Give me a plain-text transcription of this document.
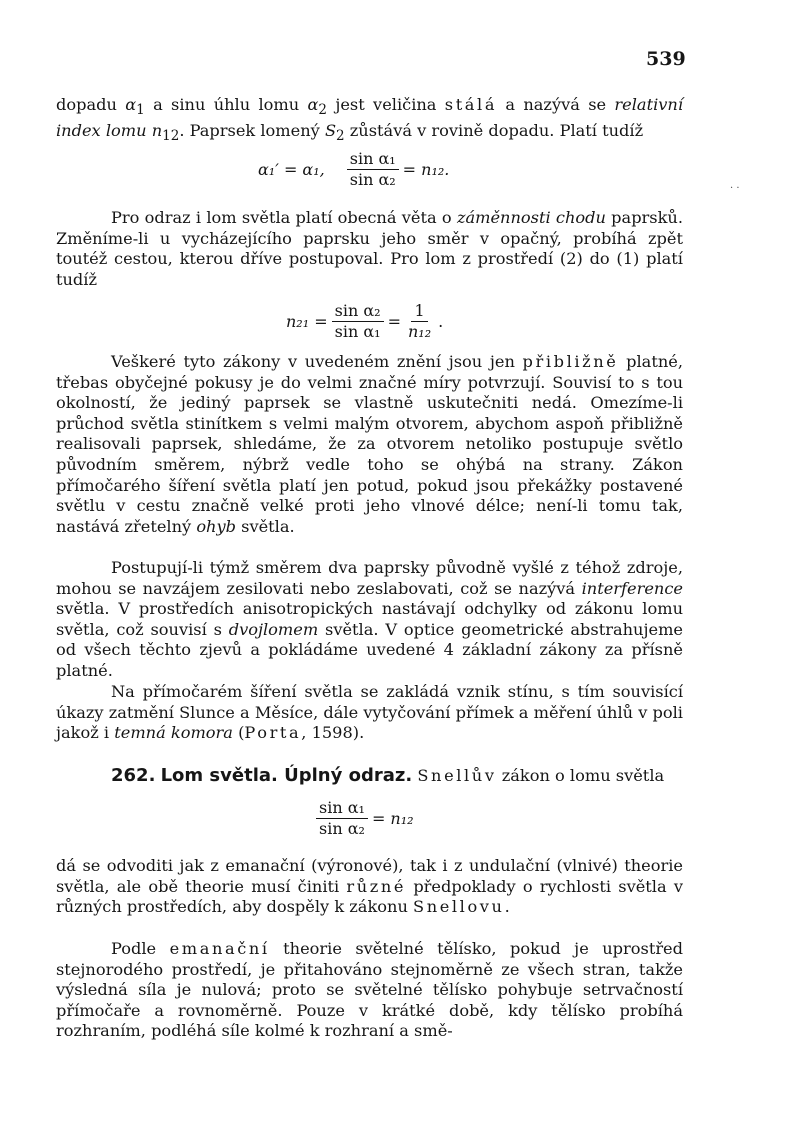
539

dopadu $\alpha_1$ a sinu úhlu lomu $\alpha_2$ jest veličina stálá a nazývá se relativní index lomu $n_{12}$. Paprsek lomený $S_2$ zůstává v rovině dopadu. Platí tudíž

α₁′ = α₁, $\frac{\text{sin α₁}}{\text{sin α₂}} = n_{12}$.
· ·

Pro odraz i lom světla platí obecná věta o záměnnosti chodu paprsků. Změníme-li u vycházejícího paprsku jeho směr v opačný, probíhá zpět toutéž cestou, kterou dříve postupoval. Pro lom z prostředí (2) do (1) platí tudíž

$n_{21} = \frac{\text{sin α₂}}{\text{sin α₁}} = \frac{1}{\text{n₁₂}}$ .

Veškeré tyto zákony v uvedeném znění jsou jen přibližně platné, třebas obyčejné pokusy je do velmi značné míry potvrzují. Souvisí to s tou okolností, že jediný paprsek se vlastně uskutečniti nedá. Omezíme-li průchod světla stinítkem s velmi malým otvorem, abychom aspoň přibližně realisovali paprsek, shledáme, že za otvorem netoliko postupuje světlo původním směrem, nýbrž vedle toho se ohýbá na strany. Zákon přímočarého šíření světla platí jen potud, pokud jsou překážky postavené světlu v cestu značně velké proti jeho vlnové délce; není-li tomu tak, nastává zřetelný ohyb světla.

Postupují-li týmž směrem dva paprsky původně vyšlé z téhož zdroje, mohou se navzájem zesilovati nebo zeslabovati, což se nazývá interference světla. V prostředích anisotropických nastávají odchylky od zákonu lomu světla, což souvisí s dvojlomem světla. V optice geometrické abstrahujeme od všech těchto zjevů a pokládáme uvedené 4 základní zákony za přísně platné.

Na přímočarém šíření světla se zakládá vznik stínu, s tím souvisící úkazy zatmění Slunce a Měsíce, dále vytyčování přímek a měření úhlů v poli jakož i temná komora (Porta, 1598).

262. Lom světla. Úplný odraz. Snellův zákon o lomu světla

$\frac{\text{sin α₁}}{\text{sin α₂}} = n_{12}$

dá se odvoditi jak z emanační (výronové), tak i z undulační (vlnivé) theorie světla, ale obě theorie musí činiti různé předpoklady o rychlosti světla v různých prostředích, aby dospěly k zákonu Snellovu.

Podle emanační theorie světelné tělísko, pokud je uprostřed stejnorodého prostředí, je přitahováno stejnoměrně ze všech stran, takže výsledná síla je nulová; proto se světelné tělísko pohybuje setrvačností přímočaře a rovnoměrně. Pouze v krátké době, kdy tělísko probíhá rozhraním, podléhá síle kolmé k rozhraní a smě-
